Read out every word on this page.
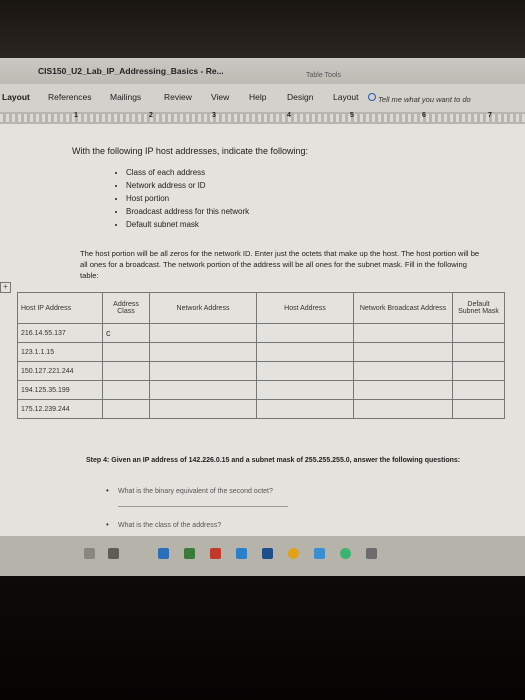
CIS150_U2_Lab_IP_Addressing_Basics - Re...	Table Tools
Layout References Mailings	Review View Help Design Layout	Tell me what you want to do
1	2	3	4	5	6	7
With the following IP host addresses, indicate the following:
• Class of each address
• Network address or ID
• Host portion
• Broadcast address for this network
• Default subnet mask
The host portion will be all zeros for the network ID. Enter just the octets that make up the host. The host portion will be all ones for a broadcast. The network portion of the address will be all ones for the subnet mask. Fill in the following table:
+
Host IP Address	Address Class	Network Address	Host Address	Network Broadcast Address	Default Subnet Mask
216.14.55.137	c				
123.1.1.15					
150.127.221.244					
194.125.35.199					
175.12.239.244					
Step 4: Given an IP address of 142.226.0.15 and a subnet mask of 255.255.255.0, answer the following questions:
• What is the binary equivalent of the second octet?
• What is the class of the address?
